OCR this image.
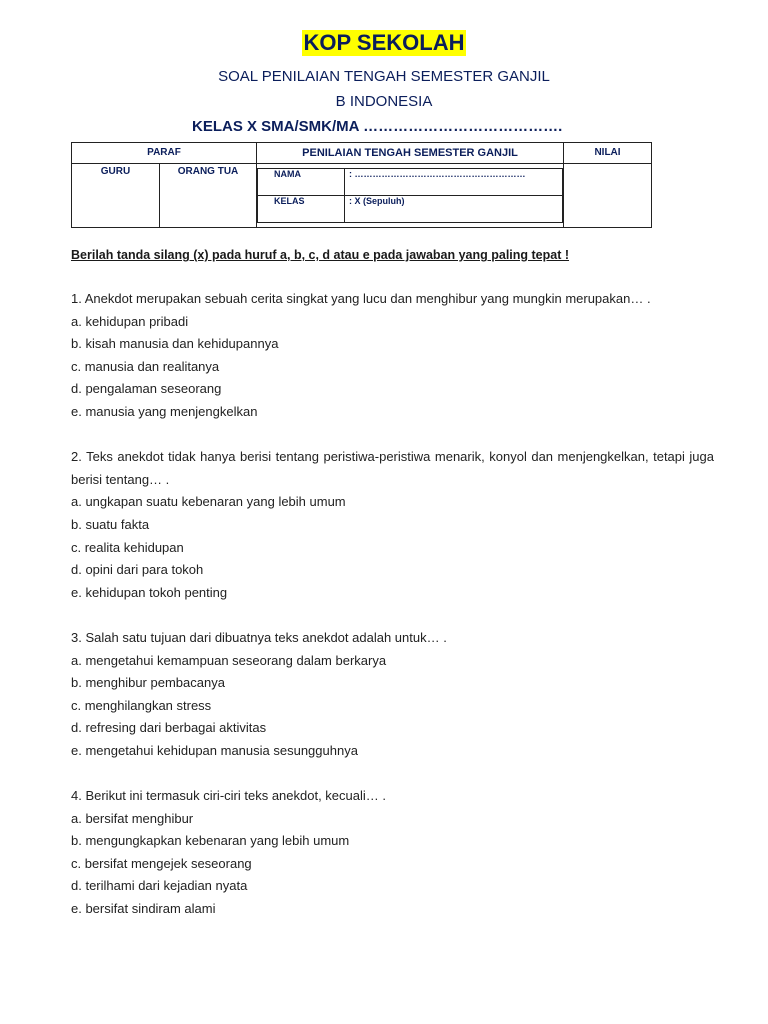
KOP SEKOLAH
SOAL PENILAIAN TENGAH SEMESTER GANJIL
B INDONESIA
KELAS X SMA/SMK/MA ………………………………….
PARAF	PENILAIAN TENGAH SEMESTER GANJIL	NILAI

GURU	ORANG TUA
		NAMA	: …………………………………………………
KELAS	: X (Sepuluh)

Berilah tanda silang (x) pada huruf a, b, c, d atau e pada jawaban yang paling tepat !
1. Anekdot merupakan sebuah cerita singkat yang lucu dan menghibur yang mungkin merupakan… .
a. kehidupan pribadi
b. kisah manusia dan kehidupannya
c. manusia dan realitanya
d. pengalaman seseorang
e. manusia yang menjengkelkan
2. Teks anekdot tidak hanya berisi tentang peristiwa-peristiwa menarik, konyol dan menjengkelkan, tetapi juga berisi tentang… .
a. ungkapan suatu kebenaran yang lebih umum
b. suatu fakta
c. realita kehidupan
d. opini dari para tokoh
e. kehidupan tokoh penting
3. Salah satu tujuan dari dibuatnya teks anekdot adalah untuk… .
a. mengetahui kemampuan seseorang dalam berkarya
b. menghibur pembacanya
c. menghilangkan stress
d. refresing dari berbagai aktivitas
e. mengetahui kehidupan manusia sesungguhnya
4. Berikut ini termasuk ciri-ciri teks anekdot, kecuali… .
a. bersifat menghibur
b. mengungkapkan kebenaran yang lebih umum
c. bersifat mengejek seseorang
d. terilhami dari kejadian nyata
e. bersifat sindiram alami
